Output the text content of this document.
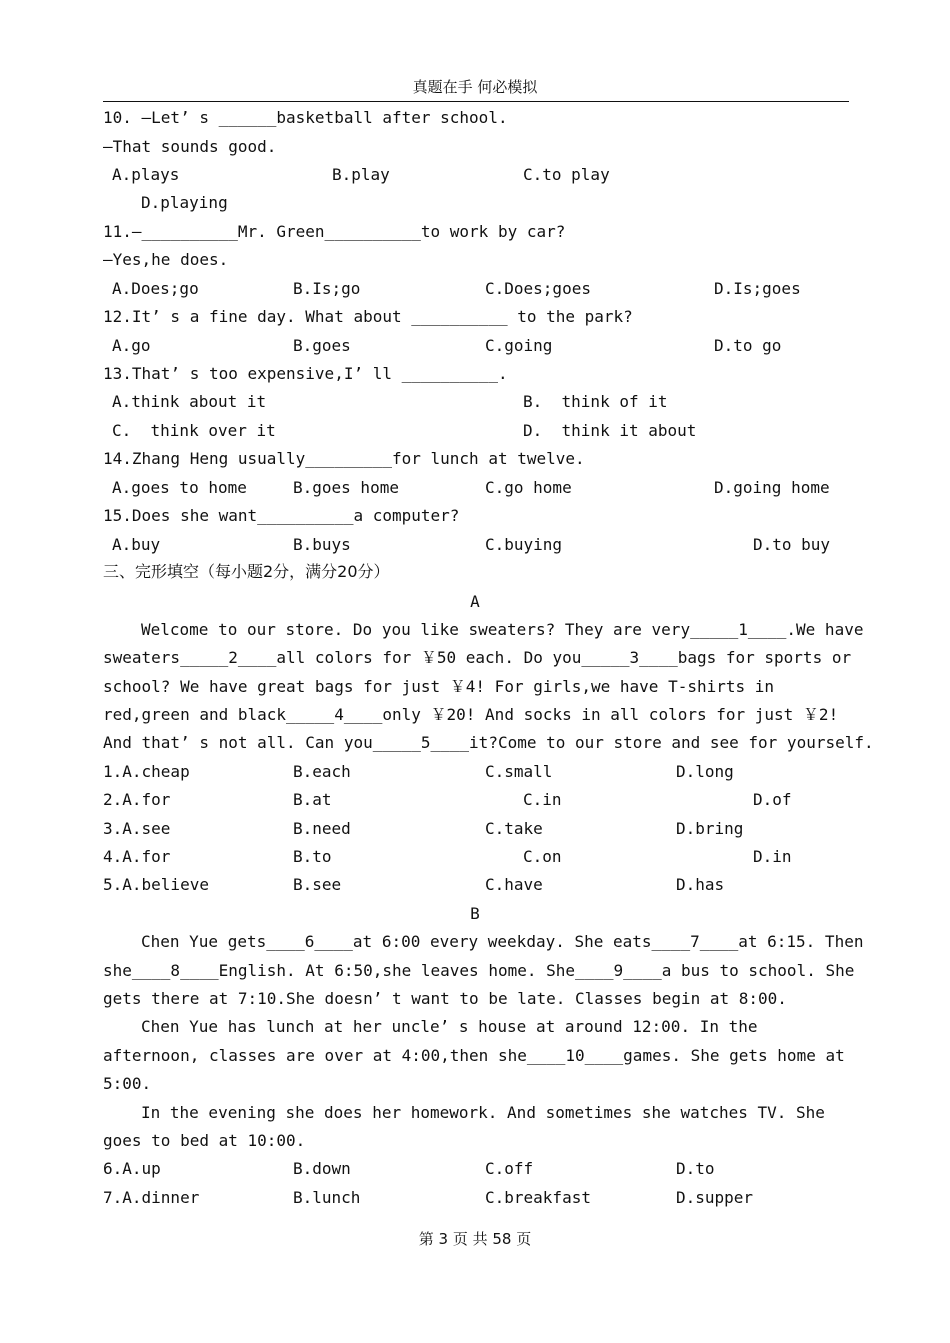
真题在手 何必模拟
10. —Let’ s ______basketball after school.
—That sounds good.
A.plays	B.play	C.to play
D.playing
11.—__________Mr. Green__________to work by car?
—Yes,he does.
A.Does;go	B.Is;go	C.Does;goes	D.Is;goes
12.It’ s a fine day. What about __________ to the park?
A.go	B.goes	C.going	D.to go
13.That’ s too expensive,I’ ll __________.
A.think about it	B.  think of it
C.  think over it	D.  think it about
14.Zhang Heng usually_________for lunch at twelve.
A.goes to home	B.goes home	C.go home	D.going home
15.Does she want__________a computer?
A.buy	B.buys	C.buying	D.to buy
Welcome to our store. Do you like sweaters? They are very_____1____.We have
sweaters_____2____all colors for ￥50 each. Do you_____3____bags for sports or
school? We have great bags for just ￥4! For girls,we have T-shirts in
red,green and black_____4____only ￥20! And socks in all colors for just ￥2!
And that’ s not all. Can you_____5____it?Come to our store and see for yourself.
1.A.cheap	B.each	C.small	D.long
2.A.for	B.at	C.in	D.of
3.A.see	B.need	C.take	D.bring
4.A.for	B.to	C.on	D.in
5.A.believe	B.see	C.have	D.has
Chen Yue gets____6____at 6:00 every weekday. She eats____7____at 6:15. Then
she____8____English. At 6:50,she leaves home. She____9____a bus to school. She
gets there at 7:10.She doesn’ t want to be late. Classes begin at 8:00.
Chen Yue has lunch at her uncle’ s house at around 12:00. In the
afternoon, classes are over at 4:00,then she____10____games. She gets home at
5:00.
In the evening she does her homework. And sometimes she watches TV. She
goes to bed at 10:00.
6.A.up	B.down	C.off	D.to
7.A.dinner	B.lunch	C.breakfast	D.supper
A
B
三、完形填空（每小题2分，满分20分）
第 3 页 共 58 页
